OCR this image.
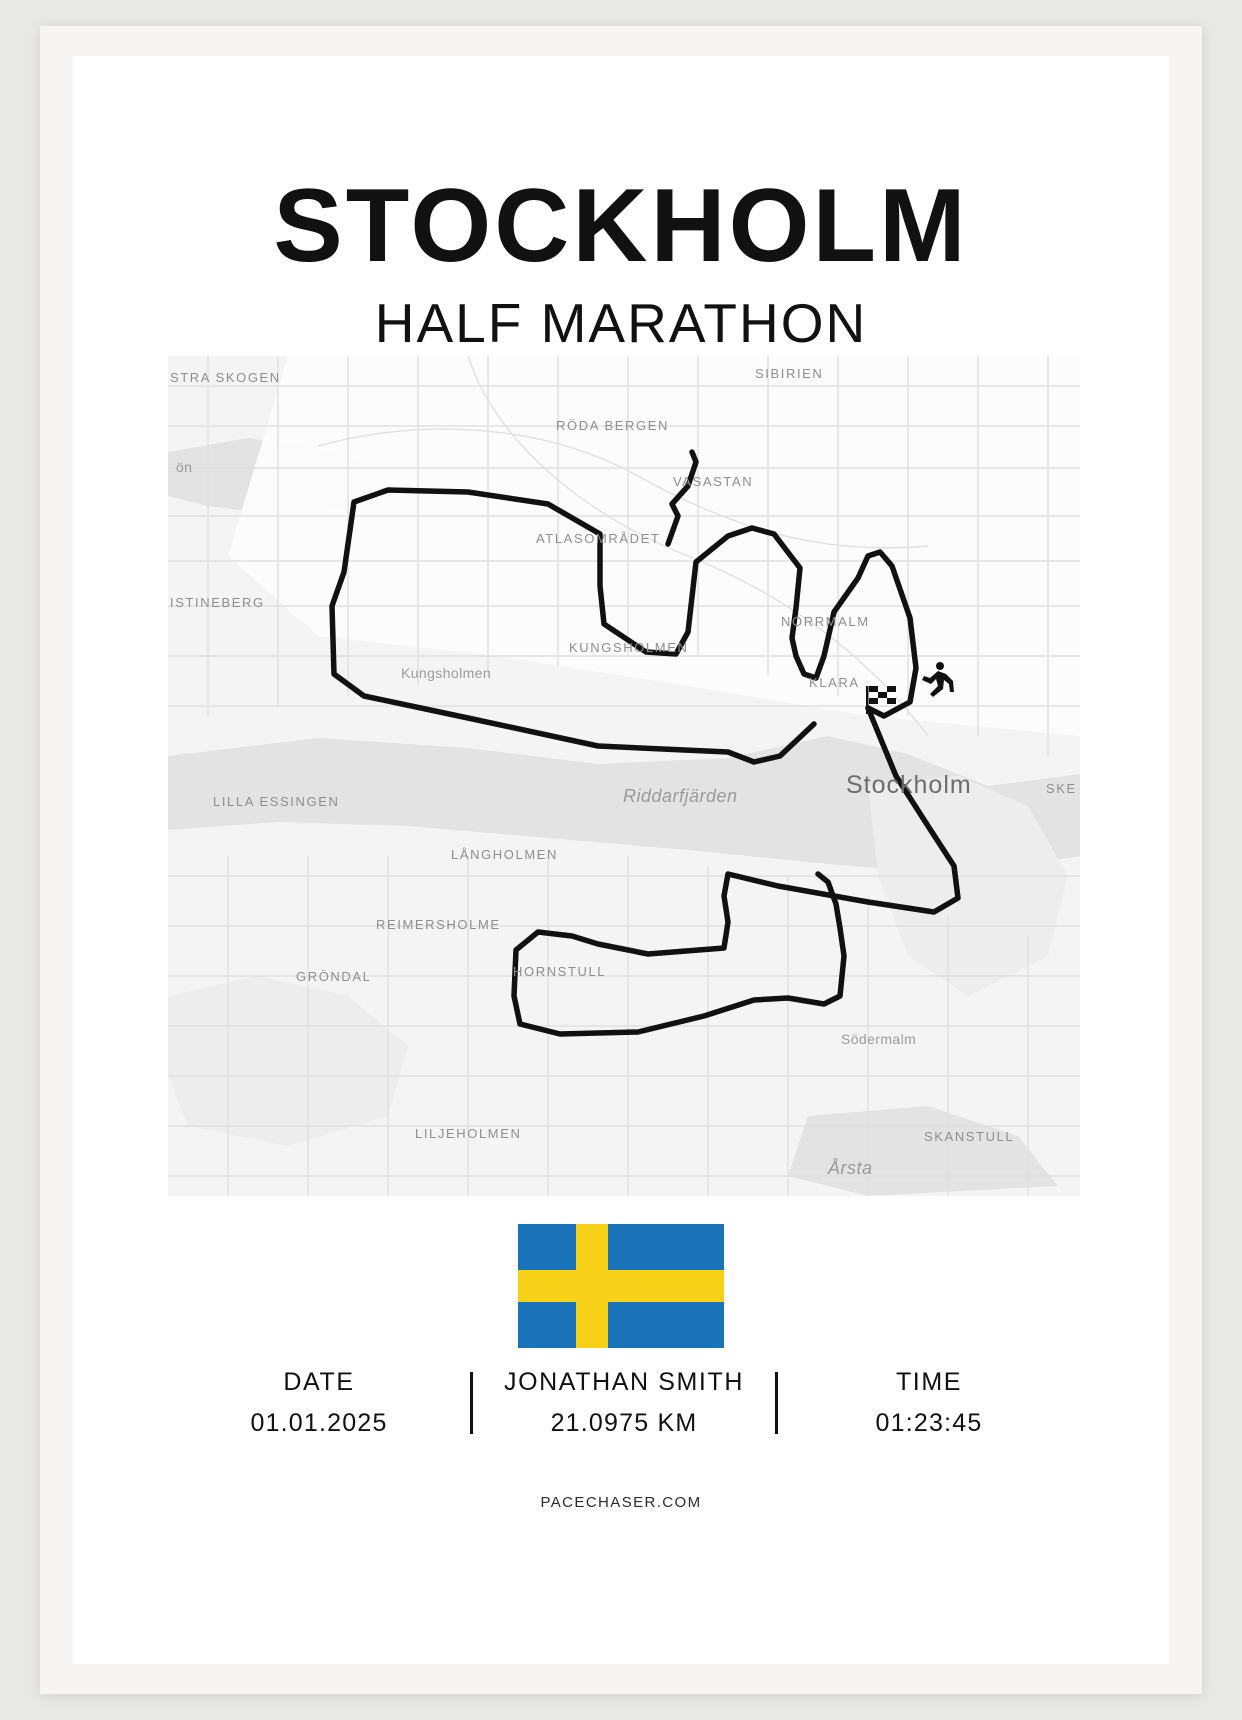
STOCKHOLM
HALF MARATHON
Stockholm
Riddarfjärden
Årsta
STRA SKOGEN	SIBIRIEN
RÖDA BERGEN
VASASTAN
ATLASOMRÅDET
ISTINEBERG
NORRMALM
KUNGSHOLMEN
KLARA
LILLA ESSINGEN
SKE
LÅNGHOLMEN
REIMERSHOLME
HORNSTULL
GRÖNDAL
LILJEHOLMEN	SKANSTULL
ön
Kungsholmen
Södermalm
DATE
01.01.2025
JONATHAN SMITH
21.0975 KM
TIME
01:23:45
PACECHASER.COM
